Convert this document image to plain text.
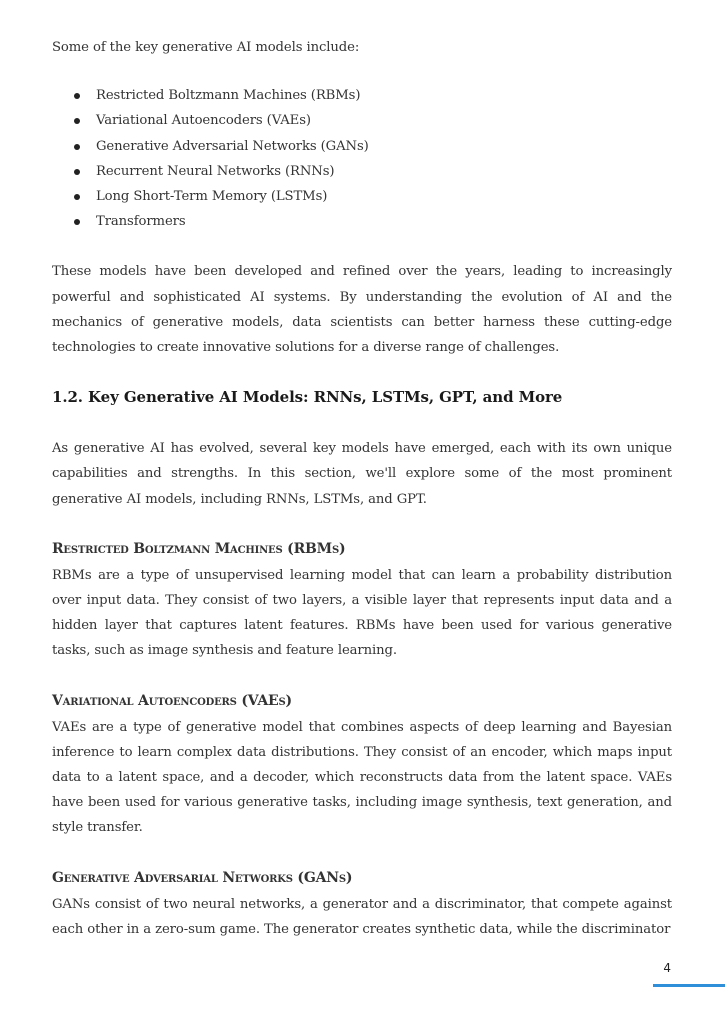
Some of the key generative AI models include:

Restricted Boltzmann Machines (RBMs)
Variational Autoencoders (VAEs)
Generative Adversarial Networks (GANs)
Recurrent Neural Networks (RNNs)
Long Short-Term Memory (LSTMs)
Transformers

These models have been developed and refined over the years, leading to increasingly powerful and sophisticated AI systems. By understanding the evolution of AI and the mechanics of generative models, data scientists can better harness these cutting-edge technologies to create innovative solutions for a diverse range of challenges.

1.2. Key Generative AI Models: RNNs, LSTMs, GPT, and More

As generative AI has evolved, several key models have emerged, each with its own unique capabilities and strengths. In this section, we'll explore some of the most prominent generative AI models, including RNNs, LSTMs, and GPT.

Restricted Boltzmann Machines (RBMs)

RBMs are a type of unsupervised learning model that can learn a probability distribution over input data. They consist of two layers, a visible layer that represents input data and a hidden layer that captures latent features. RBMs have been used for various generative tasks, such as image synthesis and feature learning.

Variational Autoencoders (VAEs)

VAEs are a type of generative model that combines aspects of deep learning and Bayesian inference to learn complex data distributions. They consist of an encoder, which maps input data to a latent space, and a decoder, which reconstructs data from the latent space. VAEs have been used for various generative tasks, including image synthesis, text generation, and style transfer.

Generative Adversarial Networks (GANs)

GANs consist of two neural networks, a generator and a discriminator, that compete against each other in a zero-sum game. The generator creates synthetic data, while the discriminator

4
